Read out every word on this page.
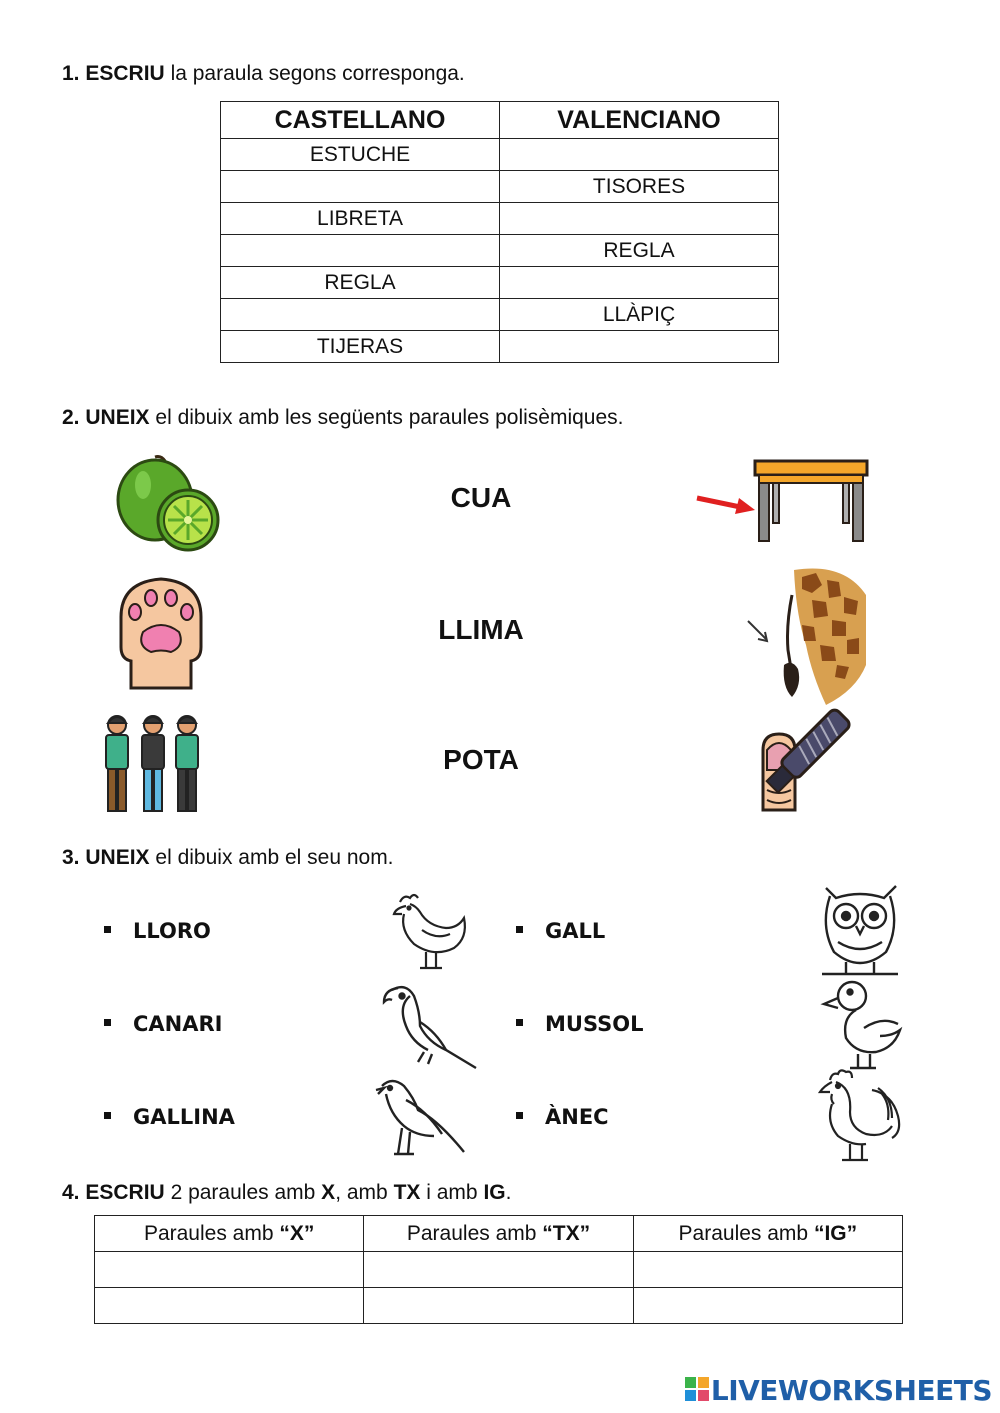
1. ESCRIU la paraula segons corresponga.
CASTELLANO	VALENCIANO
ESTUCHE	
	TISORES
LIBRETA	
	REGLA
REGLA	
	LLÀPIÇ
TIJERAS	
2. UNEIX el dibuix amb les següents paraules polisèmiques.
CUA
LLIMA
POTA
3. UNEIX el dibuix amb el seu nom.
LLORO
CANARI
GALLINA
GALL
MUSSOL
ÀNEC
4. ESCRIU 2 paraules amb X, amb TX i amb IG.
Paraules amb “X”	Paraules amb “TX”	Paraules amb “IG”

LIVEWORKSHEETS
